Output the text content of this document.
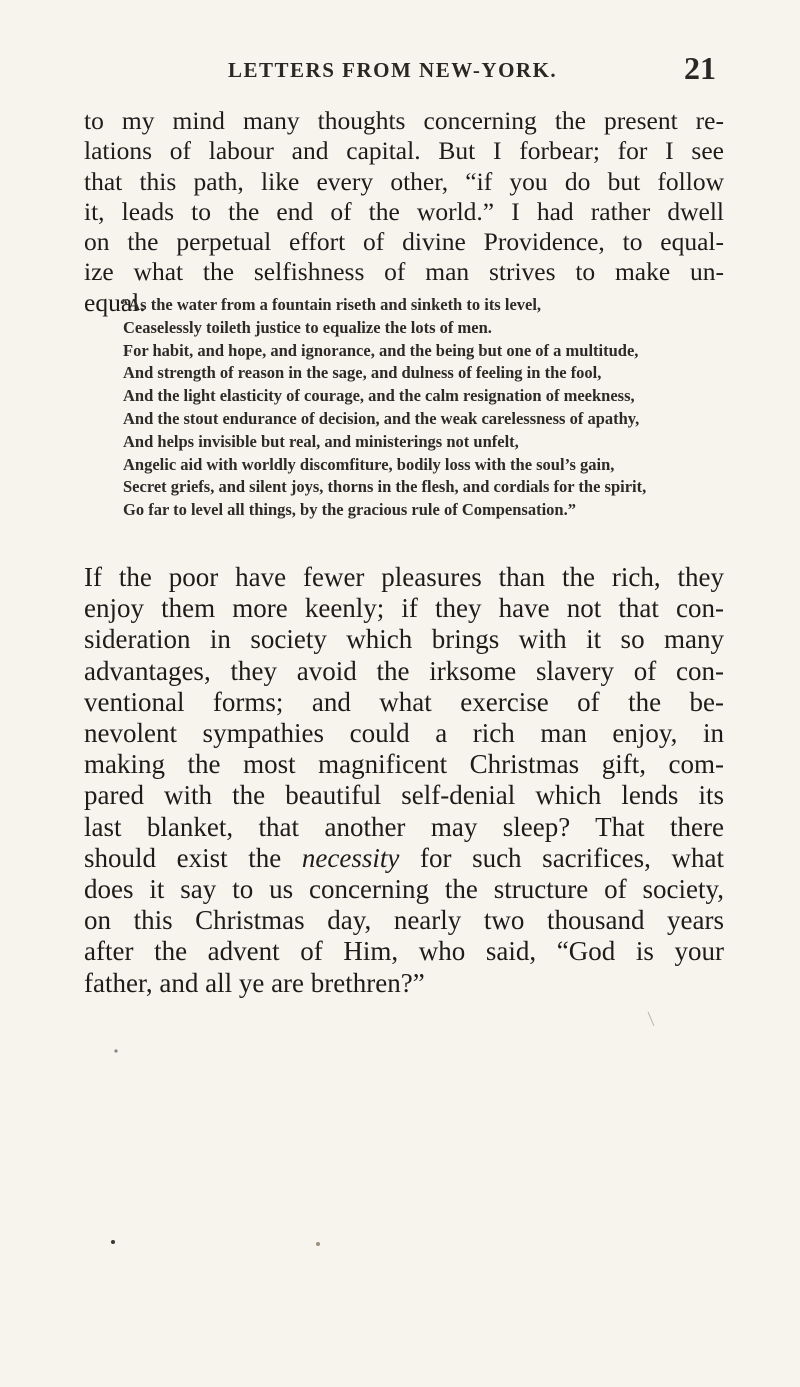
LETTERS FROM NEW-YORK.	21
to my mind many thoughts concerning the present re-
lations of labour and capital. But I forbear; for I see
that this path, like every other, “if you do but follow
it, leads to the end of the world.” I had rather dwell
on the perpetual effort of divine Providence, to equal-
ize what the selfishness of man strives to make un-
equal.
“As the water from a fountain riseth and sinketh to its level,
Ceaselessly toileth justice to equalize the lots of men.
For habit, and hope, and ignorance, and the being but one of a multitude,
And strength of reason in the sage, and dulness of feeling in the fool,
And the light elasticity of courage, and the calm resignation of meekness,
And the stout endurance of decision, and the weak carelessness of apathy,
And helps invisible but real, and ministerings not unfelt,
Angelic aid with worldly discomfiture, bodily loss with the soul’s gain,
Secret griefs, and silent joys, thorns in the flesh, and cordials for the spirit,
Go far to level all things, by the gracious rule of Compensation.”
If the poor have fewer pleasures than the rich, they
enjoy them more keenly; if they have not that con-
sideration in society which brings with it so many
advantages, they avoid the irksome slavery of con-
ventional forms; and what exercise of the be-
nevolent sympathies could a rich man enjoy, in
making the most magnificent Christmas gift, com-
pared with the beautiful self-denial which lends its
last blanket, that another may sleep? That there
should exist the necessity for such sacrifices, what
does it say to us concerning the structure of society,
on this Christmas day, nearly two thousand years
after the advent of Him, who said, “God is your
father, and all ye are brethren?”
